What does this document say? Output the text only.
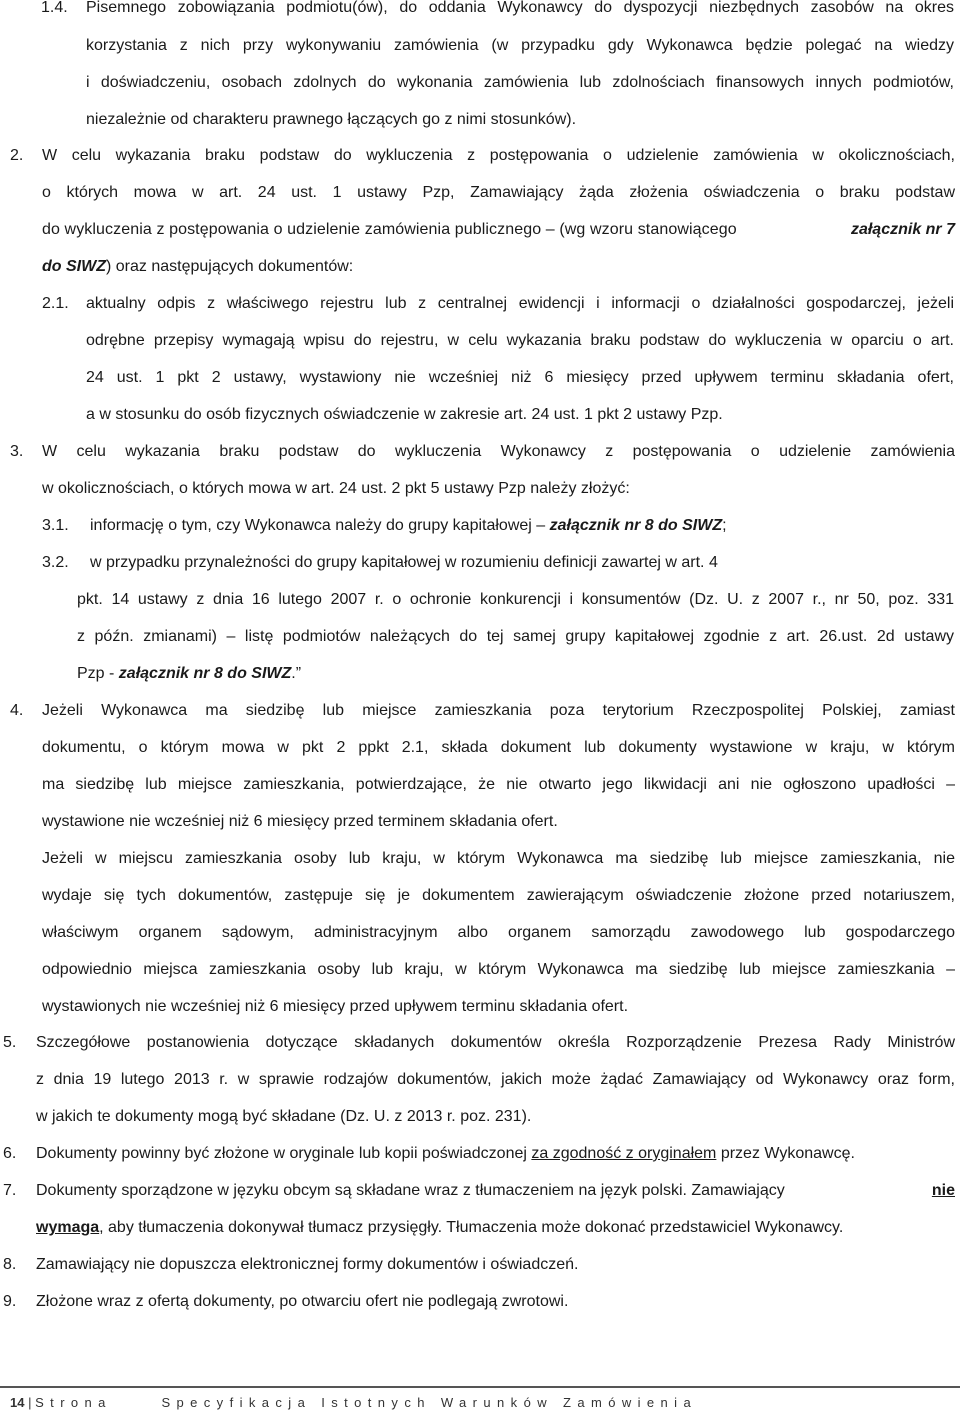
1.4. Pisemnego zobowiązania podmiotu(ów), do oddania Wykonawcy do dyspozycji niezbędnych zasobów na okres
korzystania z nich przy wykonywaniu zamówienia (w przypadku gdy Wykonawca będzie polegać na wiedzy
i doświadczeniu, osobach zdolnych do wykonania zamówienia lub zdolnościach finansowych innych podmiotów,
niezależnie od charakteru prawnego łączących go z nimi stosunków).
2. W celu wykazania braku podstaw do wykluczenia z postępowania o udzielenie zamówienia w okolicznościach,
o których mowa w art. 24 ust. 1 ustawy Pzp, Zamawiający żąda złożenia oświadczenia o braku podstaw
do wykluczenia z postępowania o udzielenie zamówienia publicznego – (wg wzoru stanowiącego	załącznik nr 7
do SIWZ) oraz następujących dokumentów:
2.1. aktualny odpis z właściwego rejestru lub z centralnej ewidencji i informacji o działalności gospodarczej, jeżeli
odrębne przepisy wymagają wpisu do rejestru, w celu wykazania braku podstaw do wykluczenia w oparciu o art.
24 ust. 1 pkt 2 ustawy, wystawiony nie wcześniej niż 6 miesięcy przed upływem terminu składania ofert,
a w stosunku do osób fizycznych oświadczenie w zakresie art. 24 ust. 1 pkt 2 ustawy Pzp.
3. W celu wykazania braku podstaw do wykluczenia Wykonawcy z postępowania o udzielenie zamówienia
w okolicznościach, o których mowa w art. 24 ust. 2 pkt 5 ustawy Pzp należy złożyć:
3.1. informację o tym, czy Wykonawca należy do grupy kapitałowej – załącznik nr 8 do SIWZ;
3.2. w przypadku przynależności do grupy kapitałowej w rozumieniu definicji zawartej w art. 4
pkt. 14 ustawy z dnia 16 lutego 2007 r. o ochronie konkurencji i konsumentów (Dz. U. z 2007 r., nr 50, poz. 331
z późn. zmianami) – listę podmiotów należących do tej samej grupy kapitałowej zgodnie z art. 26.ust. 2d ustawy
Pzp - załącznik nr 8 do SIWZ.”
4. Jeżeli Wykonawca ma siedzibę lub miejsce zamieszkania poza terytorium Rzeczpospolitej Polskiej, zamiast
dokumentu, o którym mowa w pkt 2 ppkt 2.1, składa dokument lub dokumenty wystawione w kraju, w którym
ma siedzibę lub miejsce zamieszkania, potwierdzające, że nie otwarto jego likwidacji ani nie ogłoszono upadłości –
wystawione nie wcześniej niż 6 miesięcy przed terminem składania ofert.
Jeżeli w miejscu zamieszkania osoby lub kraju, w którym Wykonawca ma siedzibę lub miejsce zamieszkania, nie
wydaje się tych dokumentów, zastępuje się je dokumentem zawierającym oświadczenie złożone przed notariuszem,
właściwym organem sądowym, administracyjnym albo organem samorządu zawodowego lub gospodarczego
odpowiednio miejsca zamieszkania osoby lub kraju, w którym Wykonawca ma siedzibę lub miejsce zamieszkania –
wystawionych nie wcześniej niż 6 miesięcy przed upływem terminu składania ofert.
5. Szczegółowe postanowienia dotyczące składanych dokumentów określa Rozporządzenie Prezesa Rady Ministrów
z dnia 19 lutego 2013 r. w sprawie rodzajów dokumentów, jakich może żądać Zamawiający od Wykonawcy oraz form,
w jakich te dokumenty mogą być składane (Dz. U. z 2013 r. poz. 231).
6. Dokumenty powinny być złożone w oryginale lub kopii poświadczonej za zgodność z oryginałem przez Wykonawcę.
7. Dokumenty sporządzone w języku obcym są składane wraz z tłumaczeniem na język polski. Zamawiający	nie
wymaga, aby tłumaczenia dokonywał tłumacz przysięgły. Tłumaczenia może dokonać przedstawiciel Wykonawcy.
8. Zamawiający nie dopuszcza elektronicznej formy dokumentów i oświadczeń.
9. Złożone wraz z ofertą dokumenty, po otwarciu ofert nie podlegają zwrotowi.
14 | Strona	Specyfikacja Istotnych Warunków Zamówienia
